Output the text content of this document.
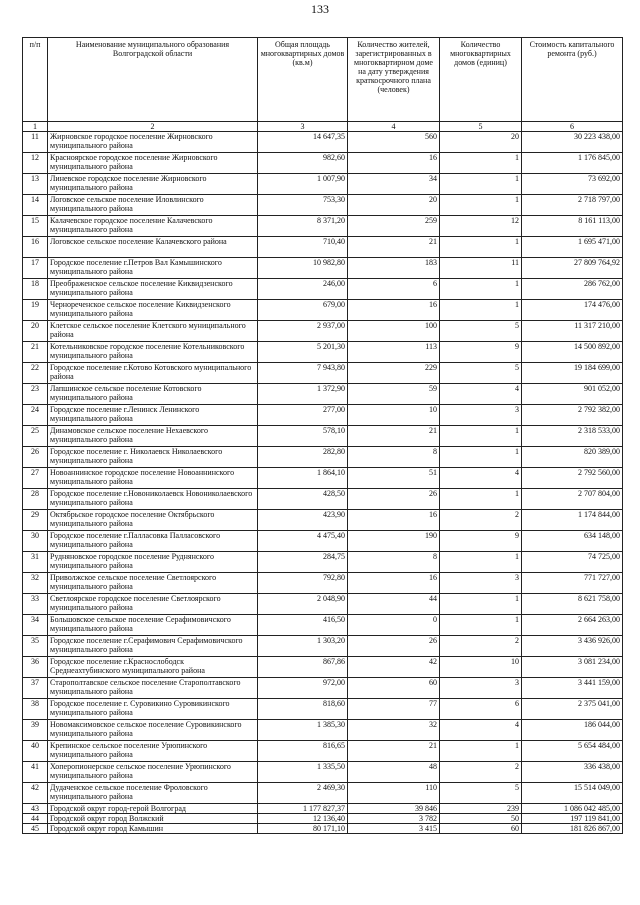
133
п/п	Наименование муниципального образования Волгоградской области	Общая площадь многоквартирных домов (кв.м)	Количество жителей, зарегистрированных в многоквартирном доме на дату утверждения краткосрочного плана (человек)	Количество многоквартирных домов (единиц)	Стоимость капитального ремонта (руб.)
1	2	3	4	5	6
11	Жирновское городское поселение Жирновского муниципального района	14 647,35	560	20	30 223 438,00
12	Красноярское городское поселение Жирновского муниципального района	982,60	16	1	1 176 845,00
13	Линевское городское поселение Жирновского муниципального района	1 007,90	34	1	73 692,00
14	Логовское сельское поселение Иловлинского муниципального района	753,30	20	1	2 718 797,00
15	Калачевское городское поселение Калачевского муниципального района	8 371,20	259	12	8 161 113,00
16	Логовское сельское поселение Калачевского района	710,40	21	1	1 695 471,00
17	Городское поселение г.Петров Вал Камышинского муниципального района	10 982,80	183	11	27 809 764,92
18	Преображенское сельское поселение Киквидзенского муниципального района	246,00	6	1	286 762,00
19	Чернореченское сельское поселение Киквидзенского муниципального района	679,00	16	1	174 476,00
20	Клетское сельское поселение Клетского муниципального района	2 937,00	100	5	11 317 210,00
21	Котельниковское городское поселение Котельниковского муниципального района	5 201,30	113	9	14 500 892,00
22	Городское поселение г.Котово Котовского муниципального района	7 943,80	229	5	19 184 699,00
23	Лапшинское сельское поселение Котовского муниципального района	1 372,90	59	4	901 052,00
24	Городское поселение г.Ленинск Ленинского муниципального района	277,00	10	3	2 792 382,00
25	Динамовское сельское поселение Нехаевского муниципального района	578,10	21	1	2 318 533,00
26	Городское поселение г. Николаевск Николаевского муниципального района	282,80	8	1	820 389,00
27	Новоаннинское городское поселение Новоаннинского муниципального района	1 864,10	51	4	2 792 560,00
28	Городское поселение г.Новониколаевск Новониколаевского муниципального района	428,50	26	1	2 707 804,00
29	Октябрьское городское поселение Октябрьского муниципального района	423,90	16	2	1 174 844,00
30	Городское поселение г.Палласовка Палласовского муниципального района	4 475,40	190	9	634 148,00
31	Рудняновское городское поселение Руднянского муниципального района	284,75	8	1	74 725,00
32	Приволжское сельское поселение Светлоярского муниципального района	792,80	16	3	771 727,00
33	Светлоярское городское поселение Светлоярского муниципального района	2 048,90	44	1	8 621 758,00
34	Большовское сельское поселение Серафимовичского муниципального района	416,50	0	1	2 664 263,00
35	Городское поселение г.Серафимович Серафимовичского муниципального района	1 303,20	26	2	3 436 926,00
36	Городское поселение г.Краснослободск Среднеахтубинского муниципального района	867,86	42	10	3 081 234,00
37	Старополтавское сельское поселение Старополтавского муниципального района	972,00	60	3	3 441 159,00
38	Городское поселение г. Суровикино Суровикинского муниципального района	818,60	77	6	2 375 041,00
39	Новомаксимовское сельское поселение Суровикинского муниципального района	1 385,30	32	4	186 044,00
40	Крепинское сельское поселение Урюпинского муниципального района	816,65	21	1	5 654 484,00
41	Хоперопионерское сельское поселение Урюпинского муниципального района	1 335,50	48	2	336 438,00
42	Дудаченское сельское поселение Фроловского муниципального района	2 469,30	110	5	15 514 049,00
43	Городской округ город-герой Волгоград	1 177 827,37	39 846	239	1 086 042 485,00
44	Городской округ город Волжский	12 136,40	3 782	50	197 119 841,00
45	Городской округ город Камышин	80 171,10	3 415	60	181 826 867,00
